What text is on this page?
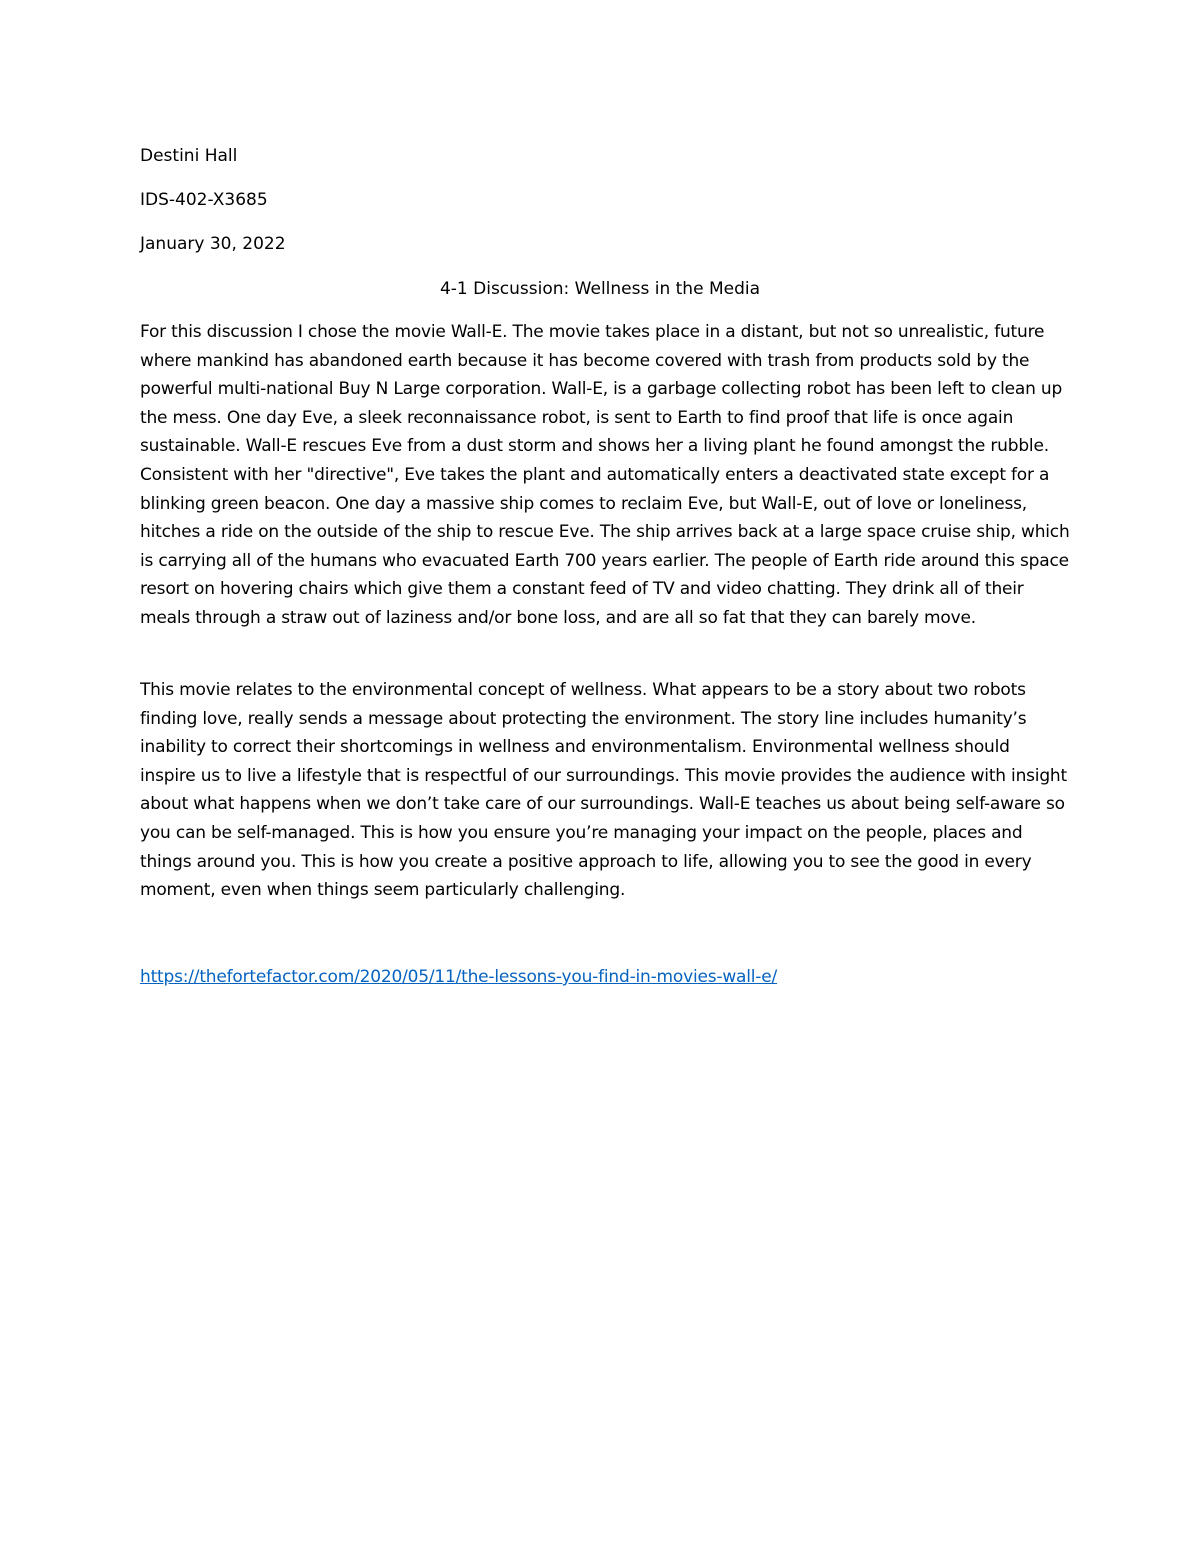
Destini Hall

IDS-402-X3685

January 30, 2022

4-1 Discussion: Wellness in the Media

For this discussion I chose the movie Wall-E. The movie takes place in a distant, but not so unrealistic, future where mankind has abandoned earth because it has become covered with trash from products sold by the powerful multi-national Buy N Large corporation. Wall-E, is a garbage collecting robot has been left to clean up the mess. One day Eve, a sleek reconnaissance robot, is sent to Earth to find proof that life is once again sustainable. Wall-E rescues Eve from a dust storm and shows her a living plant he found amongst the rubble. Consistent with her "directive", Eve takes the plant and automatically enters a deactivated state except for a blinking green beacon. One day a massive ship comes to reclaim Eve, but Wall-E, out of love or loneliness, hitches a ride on the outside of the ship to rescue Eve. The ship arrives back at a large space cruise ship, which is carrying all of the humans who evacuated Earth 700 years earlier. The people of Earth ride around this space resort on hovering chairs which give them a constant feed of TV and video chatting. They drink all of their meals through a straw out of laziness and/or bone loss, and are all so fat that they can barely move.

This movie relates to the environmental concept of wellness. What appears to be a story about two robots finding love, really sends a message about protecting the environment. The story line includes humanity’s inability to correct their shortcomings in wellness and environmentalism. Environmental wellness should inspire us to live a lifestyle that is respectful of our surroundings. This movie provides the audience with insight about what happens when we don’t take care of our surroundings. Wall-E teaches us about being self-aware so you can be self-managed. This is how you ensure you’re managing your impact on the people, places and things around you. This is how you create a positive approach to life, allowing you to see the good in every moment, even when things seem particularly challenging.

https://thefortefactor.com/2020/05/11/the-lessons-you-find-in-movies-wall-e/
